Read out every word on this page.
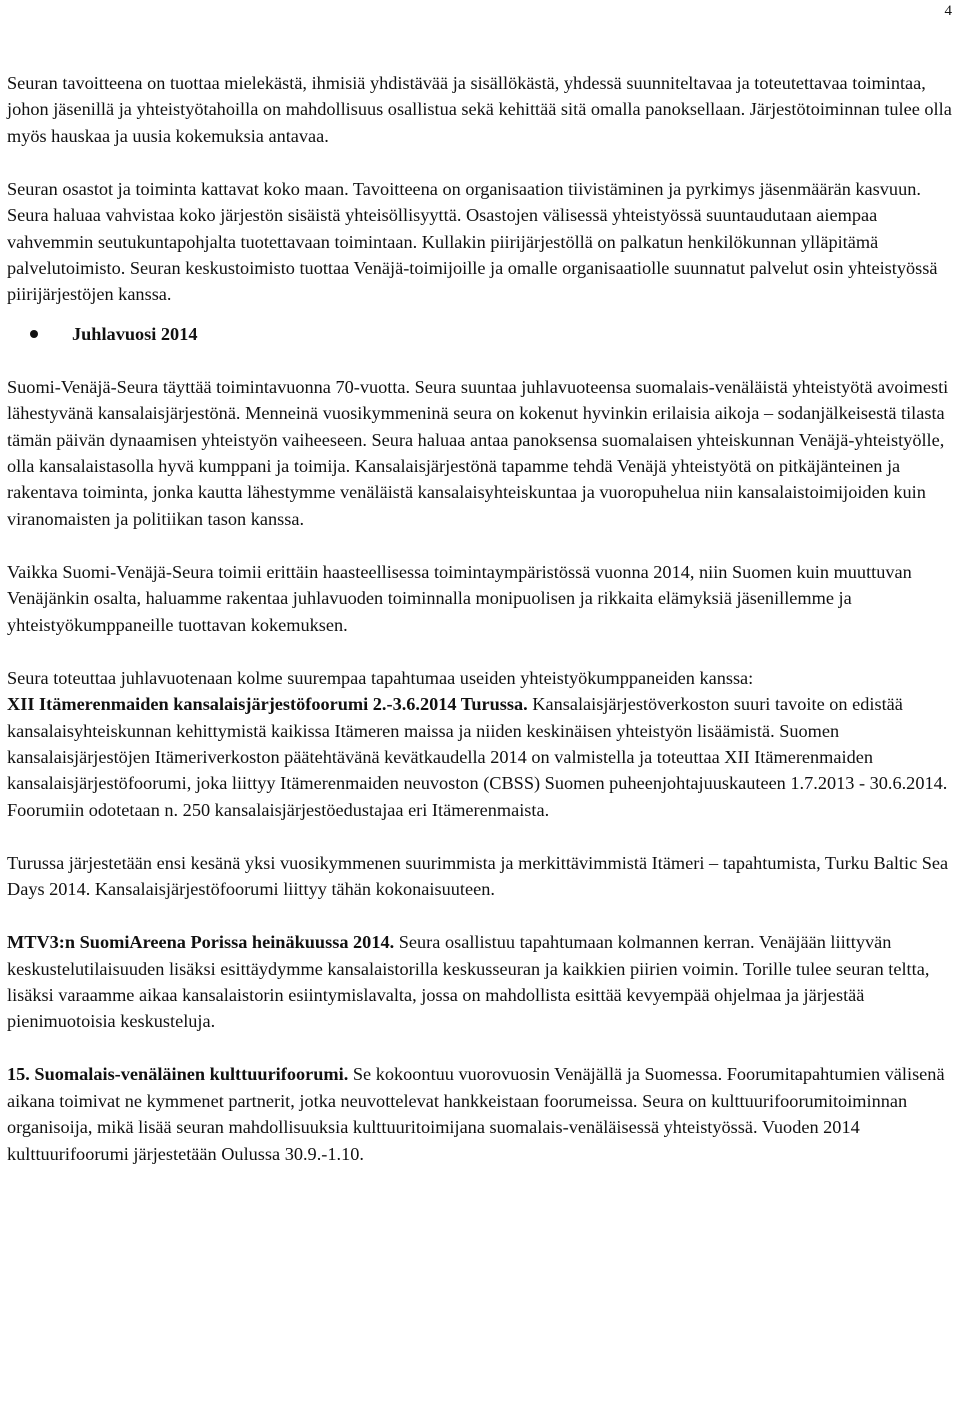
4

Seuran tavoitteena on tuottaa mielekästä, ihmisiä yhdistävää ja sisällökästä, yhdessä suunniteltavaa ja toteutettavaa toimintaa, johon jäsenillä ja yhteistyötahoilla on mahdollisuus osallistua sekä kehittää sitä omalla panoksellaan. Järjestötoiminnan tulee olla myös hauskaa ja uusia kokemuksia antavaa.

Seuran osastot ja toiminta kattavat koko maan. Tavoitteena on organisaation tiivistäminen ja pyrkimys jäsenmäärän kasvuun. Seura haluaa vahvistaa koko järjestön sisäistä yhteisöllisyyttä. Osastojen välisessä yhteistyössä suuntaudutaan aiempaa vahvemmin seutukuntapohjalta tuotettavaan toimintaan. Kullakin piirijärjestöllä on palkatun henkilökunnan ylläpitämä palvelutoimisto. Seuran keskustoimisto tuottaa Venäjä-toimijoille ja omalle organisaatiolle suunnatut palvelut osin yhteistyössä piirijärjestöjen kanssa.

Juhlavuosi 2014

Suomi-Venäjä-Seura täyttää toimintavuonna 70-vuotta. Seura suuntaa juhlavuoteensa suomalais-venäläistä yhteistyötä avoimesti lähestyvänä kansalaisjärjestönä. Menneinä vuosikymmeninä seura on kokenut hyvinkin erilaisia aikoja – sodanjälkeisestä tilasta tämän päivän dynaamisen yhteistyön vaiheeseen. Seura haluaa antaa panoksensa suomalaisen yhteiskunnan Venäjä-yhteistyölle, olla kansalaistasolla hyvä kumppani ja toimija. Kansalaisjärjestönä tapamme tehdä Venäjä yhteistyötä on pitkäjänteinen ja rakentava toiminta, jonka kautta lähestymme venäläistä kansalaisyhteiskuntaa ja vuoropuhelua niin kansalaistoimijoiden kuin viranomaisten ja politiikan tason kanssa.

Vaikka Suomi-Venäjä-Seura toimii erittäin haasteellisessa toimintaympäristössä vuonna 2014, niin Suomen kuin muuttuvan Venäjänkin osalta, haluamme rakentaa juhlavuoden toiminnalla monipuolisen ja rikkaita elämyksiä jäsenillemme ja yhteistyökumppaneille tuottavan kokemuksen.

Seura toteuttaa juhlavuotenaan kolme suurempaa tapahtumaa useiden yhteistyökumppaneiden kanssa:

XII Itämerenmaiden kansalaisjärjestöfoorumi 2.-3.6.2014 Turussa. Kansalaisjärjestöverkoston suuri tavoite on edistää kansalaisyhteiskunnan kehittymistä kaikissa Itämeren maissa ja niiden keskinäisen yhteistyön lisäämistä. Suomen kansalaisjärjestöjen Itämeriverkoston päätehtävänä kevätkaudella 2014 on valmistella ja toteuttaa XII Itämerenmaiden kansalaisjärjestöfoorumi, joka liittyy Itämerenmaiden neuvoston (CBSS) Suomen puheenjohtajuuskauteen 1.7.2013 - 30.6.2014. Foorumiin odotetaan n. 250 kansalaisjärjestöedustajaa eri Itämerenmaista.

Turussa järjestetään ensi kesänä yksi vuosikymmenen suurimmista ja merkittävimmistä Itämeri – tapahtumista, Turku Baltic Sea Days 2014. Kansalaisjärjestöfoorumi liittyy tähän kokonaisuuteen.

MTV3:n SuomiAreena Porissa heinäkuussa 2014. Seura osallistuu tapahtumaan kolmannen kerran. Venäjään liittyvän keskustelutilaisuuden lisäksi esittäydymme kansalaistorilla keskusseuran ja kaikkien piirien voimin. Torille tulee seuran teltta, lisäksi varaamme aikaa kansalaistorin esiintymislavalta, jossa on mahdollista esittää kevyempää ohjelmaa ja järjestää pienimuotoisia keskusteluja.

15. Suomalais-venäläinen kulttuurifoorumi. Se kokoontuu vuorovuosin Venäjällä ja Suomessa. Foorumitapahtumien välisenä aikana toimivat ne kymmenet partnerit, jotka neuvottelevat hankkeistaan foorumeissa. Seura on kulttuurifoorumitoiminnan organisoija, mikä lisää seuran mahdollisuuksia kulttuuritoimijana suomalais-venäläisessä yhteistyössä. Vuoden 2014 kulttuurifoorumi järjestetään Oulussa 30.9.-1.10.
